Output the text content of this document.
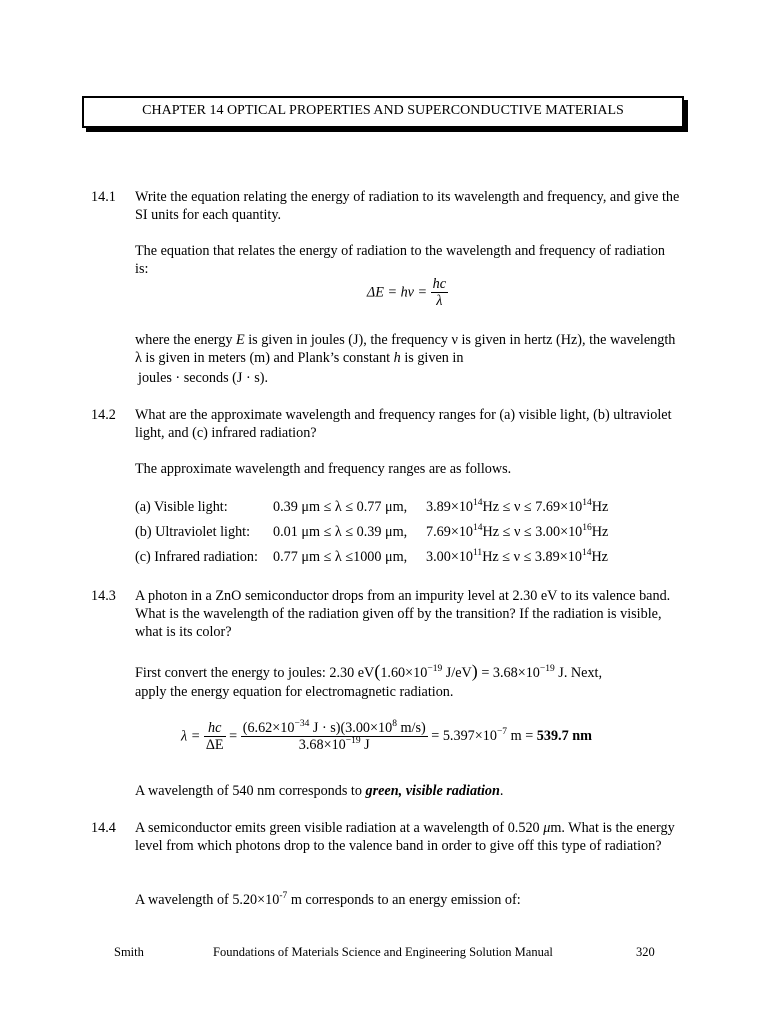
CHAPTER 14 OPTICAL PROPERTIES AND SUPERCONDUCTIVE MATERIALS
14.1 Write the equation relating the energy of radiation to its wavelength and frequency, and give the SI units for each quantity.
The equation that relates the energy of radiation to the wavelength and frequency of radiation is:
$\Delta E = h\nu = \frac{hc}{\lambda}$
where the energy E is given in joules (J), the frequency ν is given in hertz (Hz), the wavelength λ is given in meters (m) and Plank’s constant h is given in
joules · seconds (J · s).
14.2 What are the approximate wavelength and frequency ranges for (a) visible light, (b) ultraviolet light, and (c) infrared radiation?
The approximate wavelength and frequency ranges are as follows.
(a) Visible light:	0.39 μm ≤ λ ≤ 0.77 μm, $3.89\times 10^{14}Hz \le \nu \le 7.69\times 10^{14}Hz$
(b) Ultraviolet light: 0.01 μm ≤ λ ≤ 0.39 μm, $7.69\times 10^{14}Hz \le \nu \le 3.00\times 10^{16}Hz$
(c) Infrared radiation: 0.77 μm ≤ λ ≤1000 μm, $3.00\times 10^{11}Hz \le \nu \le 3.89\times 10^{14}Hz$
14.3 A photon in a ZnO semiconductor drops from an impurity level at 2.30 eV to its valence band. What is the wavelength of the radiation given off by the transition? If the radiation is visible, what is its color?
First convert the energy to joules: 2.30 $eV(1.60\times 10^{-19}$ $J/eV) = 3.68\times 10^{-19}$ J. Next,
apply the energy equation for electromagnetic radiation.
$\lambda = \frac{hc}{\Delta E} = \frac{(6.62\times 10^{-34} J \cdot s)(3.00\times 10^8 m/s)}{3.68\times 10^{-19} J} = 5.397\times 10^{-7}$ m = 539.7 nm
A wavelength of 540 nm corresponds to green, visible radiation.
14.4 A semiconductor emits green visible radiation at a wavelength of 0.520 μm. What is the energy level from which photons drop to the valence band in order to give off this type of radiation?
A wavelength of $5.20\times 10^{-7}$ m corresponds to an energy emission of:
Smith	Foundations of Materials Science and Engineering Solution Manual	320
